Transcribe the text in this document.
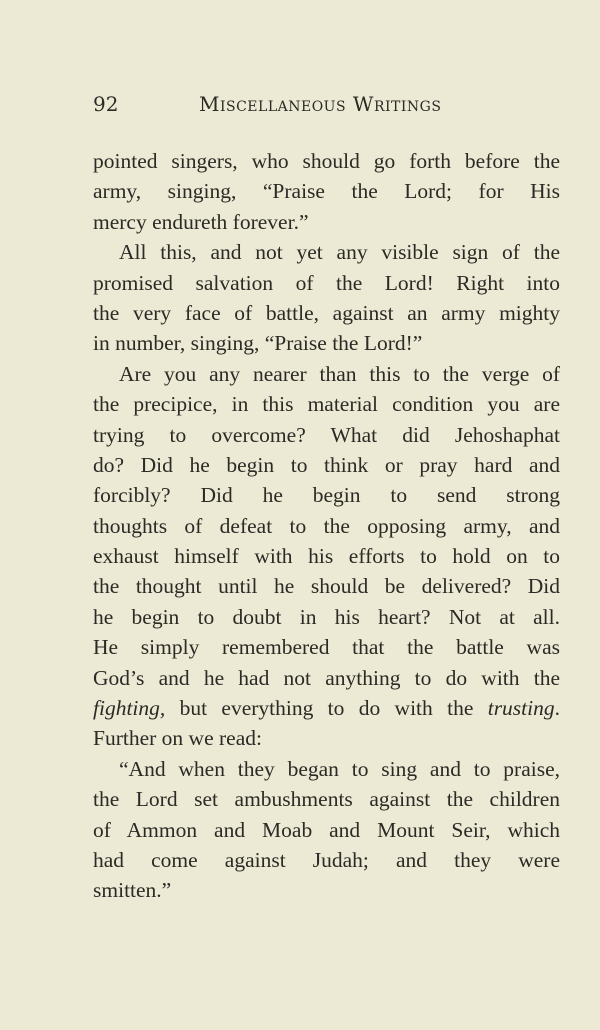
92	Miscellaneous Writings
pointed singers, who should go forth before the
army, singing, “Praise the Lord; for His
mercy endureth forever.”
All this, and not yet any visible sign of the
promised salvation of the Lord! Right into
the very face of battle, against an army mighty
in number, singing, “Praise the Lord!”
Are you any nearer than this to the verge of
the precipice, in this material condition you are
trying to overcome? What did Jehoshaphat
do? Did he begin to think or pray hard and
forcibly? Did he begin to send strong
thoughts of defeat to the opposing army, and
exhaust himself with his efforts to hold on to
the thought until he should be delivered? Did
he begin to doubt in his heart? Not at all.
He simply remembered that the battle was
God’s and he had not anything to do with the
fighting, but everything to do with the trusting.
Further on we read:
“And when they began to sing and to praise,
the Lord set ambushments against the children
of Ammon and Moab and Mount Seir, which
had come against Judah; and they were
smitten.”
